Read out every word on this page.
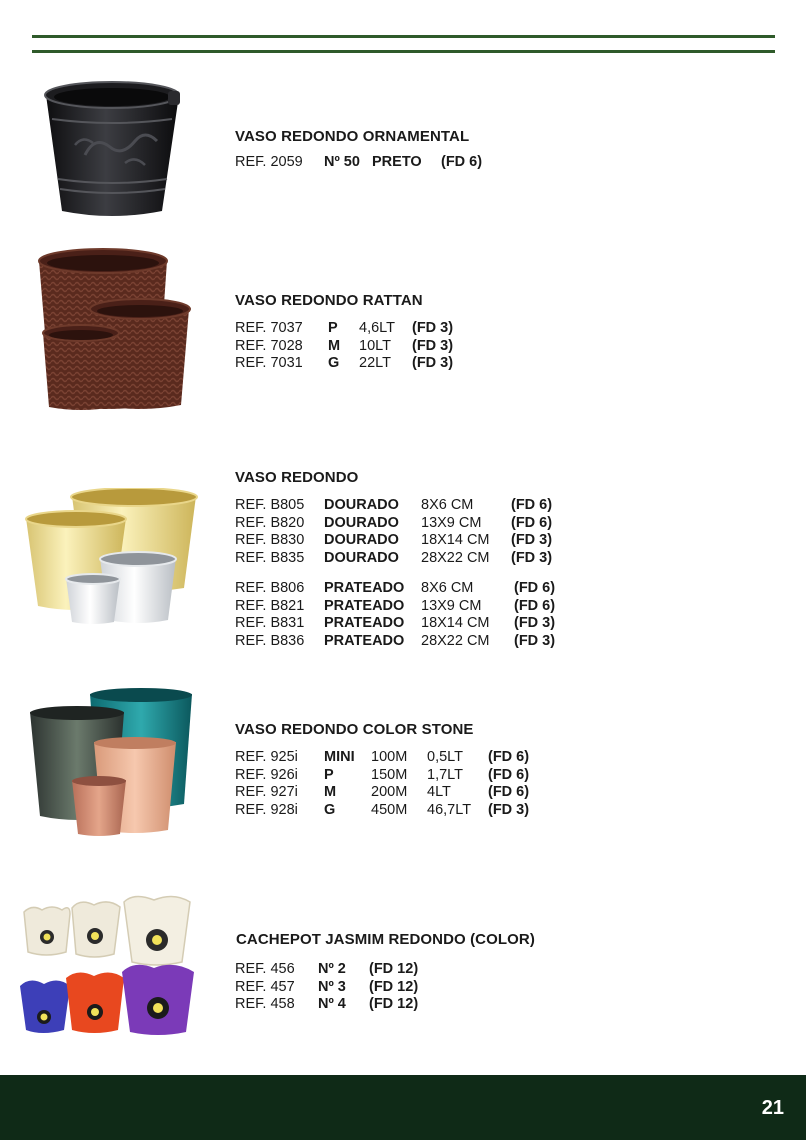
VASO REDONDO ORNAMENTAL
REF. 2059 Nº 50 PRETO (FD 6)
VASO REDONDO RATTAN
REF. 7037 P 4,6LT (FD 3)
REF. 7028 M 10LT (FD 3)
REF. 7031 G 22LT (FD 3)
VASO REDONDO
REF. B805 DOURADO 8X6 CM	(FD 6)
REF. B820 DOURADO 13X9 CM (FD 6)
REF. B830 DOURADO 18X14 CM (FD 3)
REF. B835 DOURADO 28X22 CM (FD 3)
REF. B806 PRATEADO 8X6 CM	(FD 6)
REF. B821 PRATEADO 13X9 CM (FD 6)
REF. B831 PRATEADO 18X14 CM (FD 3)
REF. B836 PRATEADO 28X22 CM (FD 3)
VASO REDONDO COLOR STONE
REF. 925i MINI 100M 0,5LT (FD 6)
REF. 926i P	150M 1,7LT (FD 6)
REF. 927i M 200M 4LT	(FD 6)
REF. 928i G 450M 46,7LT (FD 3)
CACHEPOT JASMIM REDONDO (COLOR)
REF. 456 Nº 2 (FD 12)
REF. 457 Nº 3 (FD 12)
REF. 458 Nº 4 (FD 12)
21
